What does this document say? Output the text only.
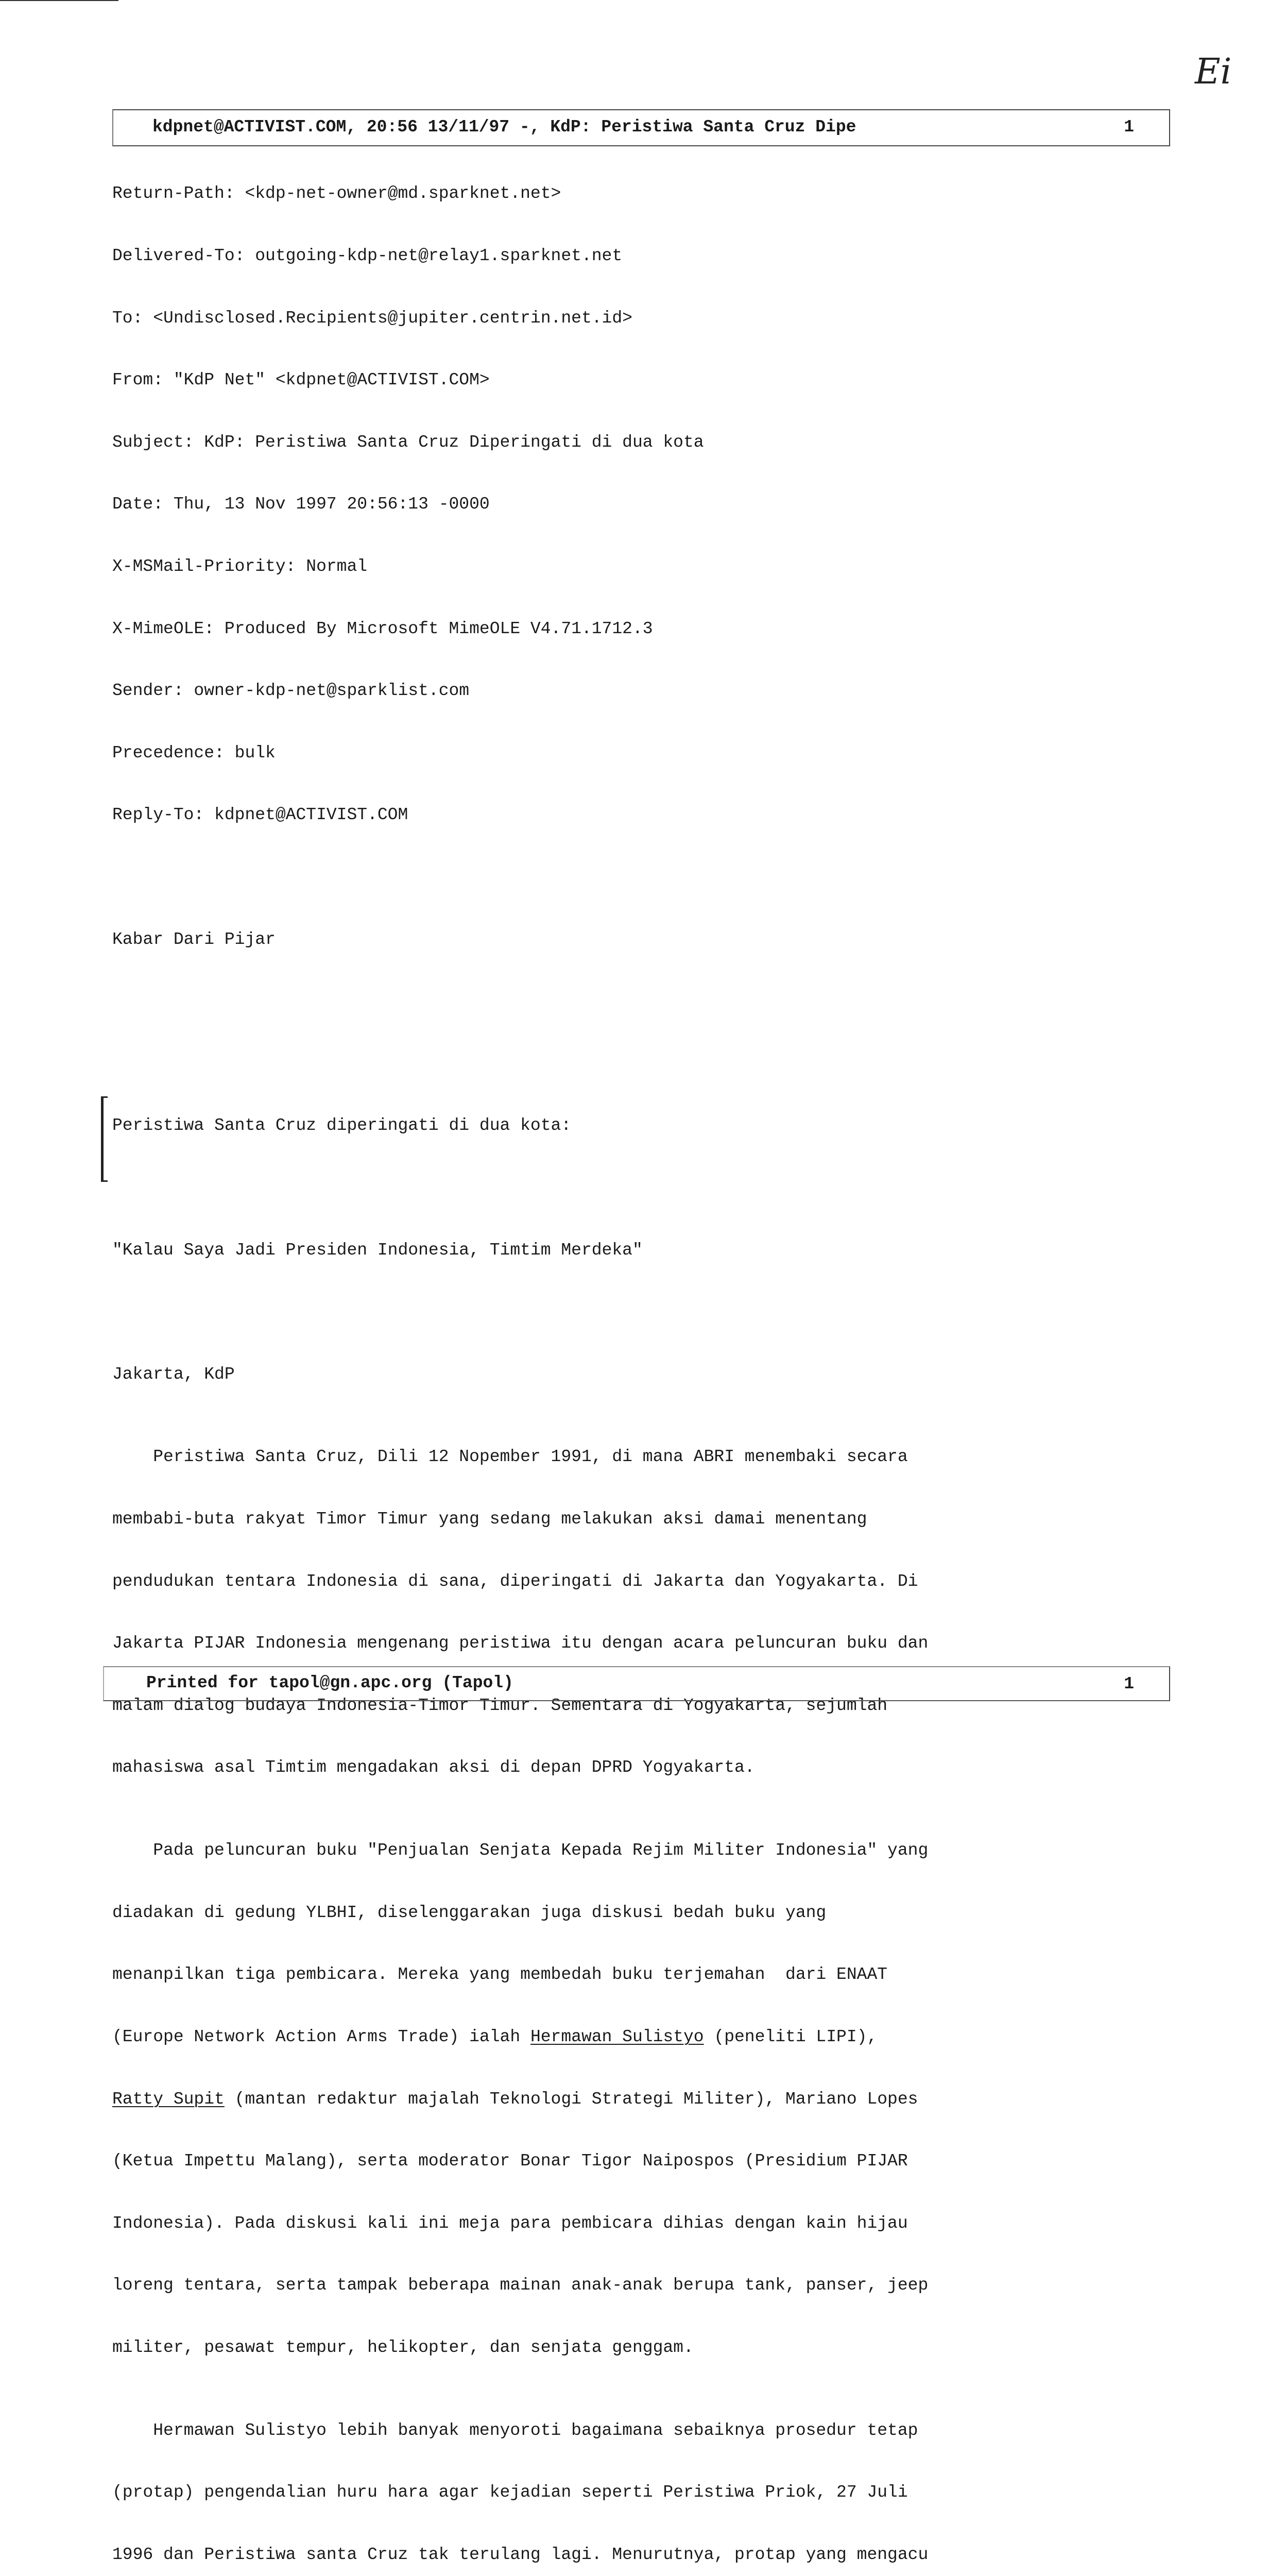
Ei
kdpnet@ACTIVIST.COM, 20:56 13/11/97 -, KdP: Peristiwa Santa Cruz Dipe	1

Return-Path: <kdp-net-owner@md.sparknet.net>

Delivered-To: outgoing-kdp-net@relay1.sparknet.net

To: <Undisclosed.Recipients@jupiter.centrin.net.id>

From: "KdP Net" <kdpnet@ACTIVIST.COM>

Subject: KdP: Peristiwa Santa Cruz Diperingati di dua kota

Date: Thu, 13 Nov 1997 20:56:13 -0000

X-MSMail-Priority: Normal

X-MimeOLE: Produced By Microsoft MimeOLE V4.71.1712.3

Sender: owner-kdp-net@sparklist.com

Precedence: bulk

Reply-To: kdpnet@ACTIVIST.COM

Kabar Dari Pijar

Peristiwa Santa Cruz diperingati di dua kota:

"Kalau Saya Jadi Presiden Indonesia, Timtim Merdeka"

Jakarta, KdP

Peristiwa Santa Cruz, Dili 12 Nopember 1991, di mana ABRI menembaki secara

membabi-buta rakyat Timor Timur yang sedang melakukan aksi damai menentang

pendudukan tentara Indonesia di sana, diperingati di Jakarta dan Yogyakarta. Di

Jakarta PIJAR Indonesia mengenang peristiwa itu dengan acara peluncuran buku dan

malam dialog budaya Indonesia-Timor Timur. Sementara di Yogyakarta, sejumlah

mahasiswa asal Timtim mengadakan aksi di depan DPRD Yogyakarta.

Pada peluncuran buku "Penjualan Senjata Kepada Rejim Militer Indonesia" yang

diadakan di gedung YLBHI, diselenggarakan juga diskusi bedah buku yang

menanpilkan tiga pembicara. Mereka yang membedah buku terjemahan  dari ENAAT

(Europe Network Action Arms Trade) ialah Hermawan Sulistyo (peneliti LIPI),

Ratty Supit (mantan redaktur majalah Teknologi Strategi Militer), Mariano Lopes

(Ketua Impettu Malang), serta moderator Bonar Tigor Naipospos (Presidium PIJAR

Indonesia). Pada diskusi kali ini meja para pembicara dihias dengan kain hijau

loreng tentara, serta tampak beberapa mainan anak-anak berupa tank, panser, jeep

militer, pesawat tempur, helikopter, dan senjata genggam.

Hermawan Sulistyo lebih banyak menyoroti bagaimana sebaiknya prosedur tetap

(protap) pengendalian huru hara agar kejadian seperti Peristiwa Priok, 27 Juli

1996 dan Peristiwa santa Cruz tak terulang lagi. Menurutnya, protap yang mengacu

Printed for tapol@gn.apc.org (Tapol)	1
